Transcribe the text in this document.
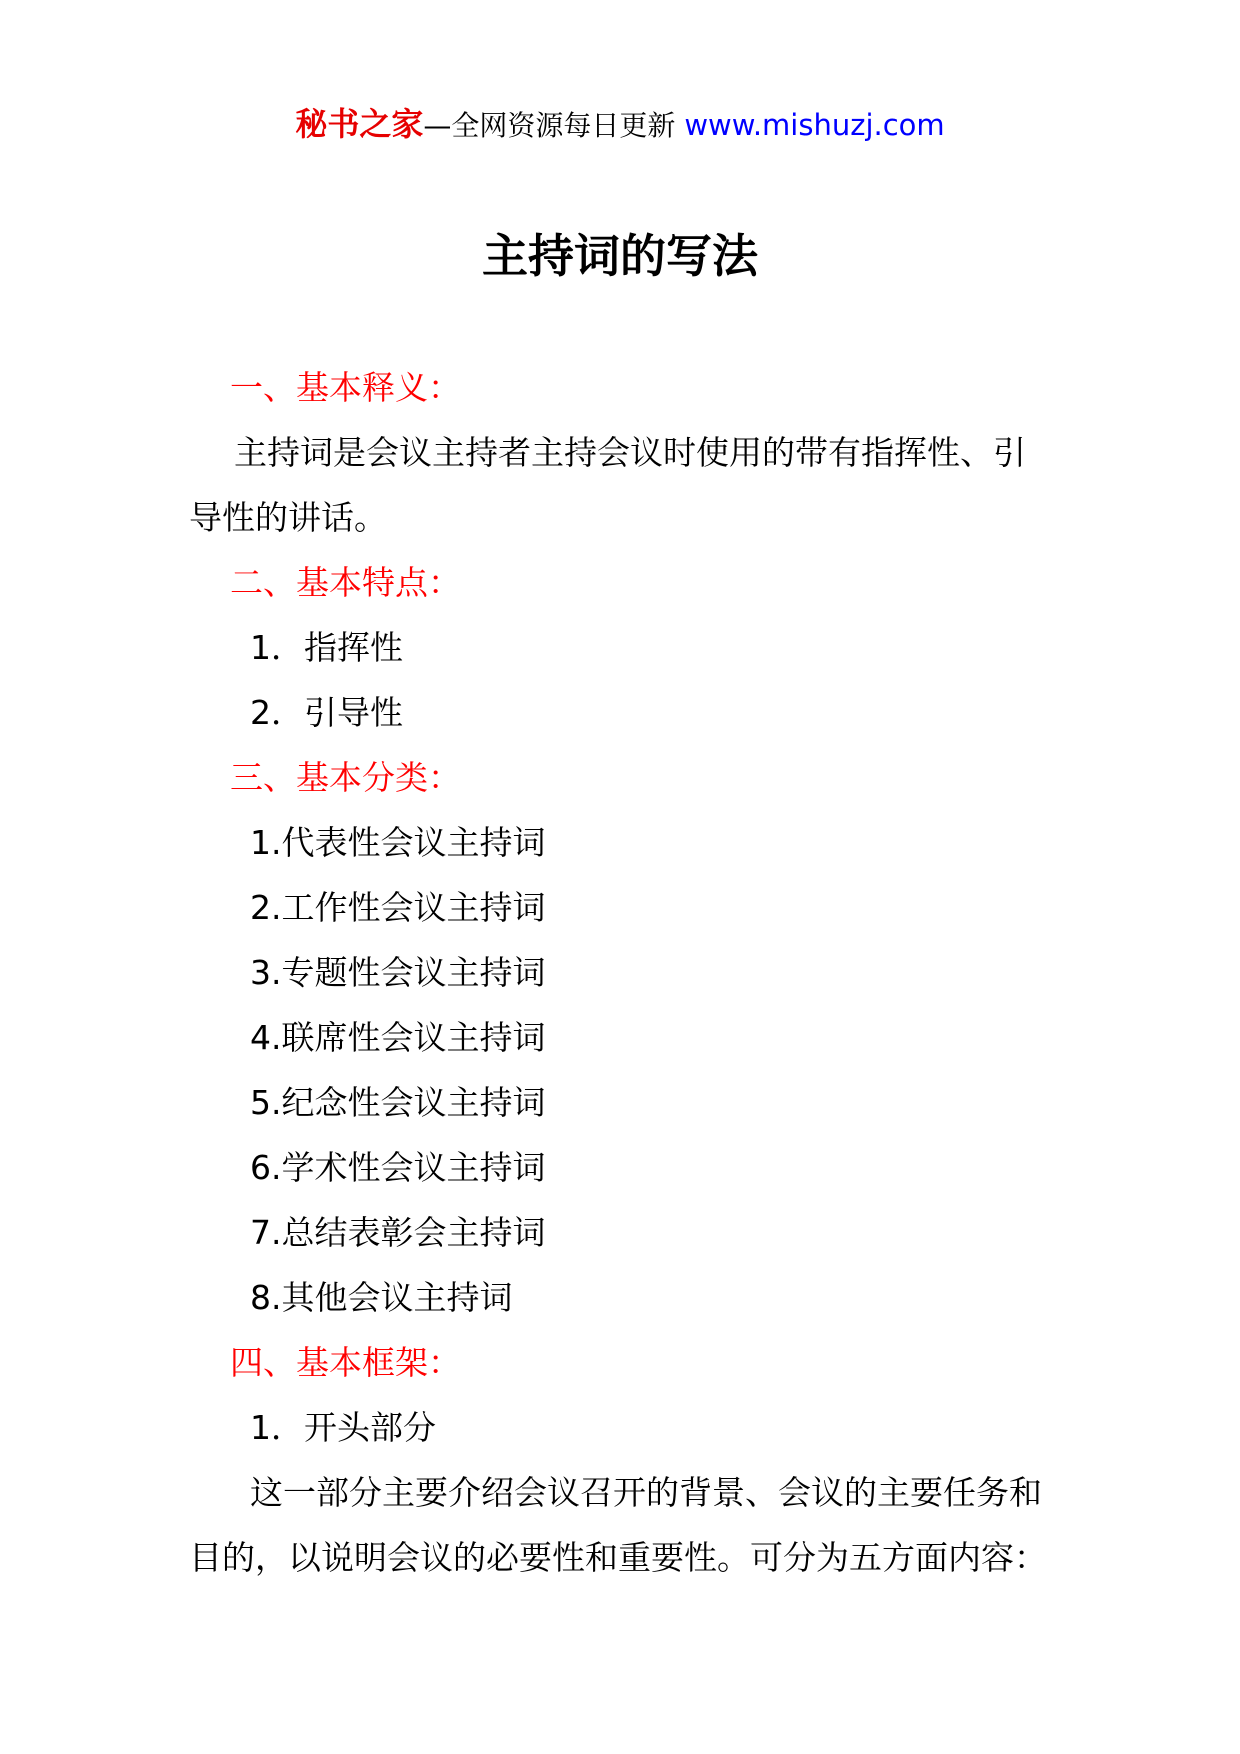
秘书之家—全网资源每日更新 www.mishuzj.com
主持词的写法
一、基本释义：
主持词是会议主持者主持会议时使用的带有指挥性、引
导性的讲话。
二、基本特点：
1．指挥性
2．引导性
三、基本分类：
1.代表性会议主持词
2.工作性会议主持词
3.专题性会议主持词
4.联席性会议主持词
5.纪念性会议主持词
6.学术性会议主持词
7.总结表彰会主持词
8.其他会议主持词
四、基本框架：
1．开头部分
这一部分主要介绍会议召开的背景、会议的主要任务和
目的，以说明会议的必要性和重要性。可分为五方面内容：
